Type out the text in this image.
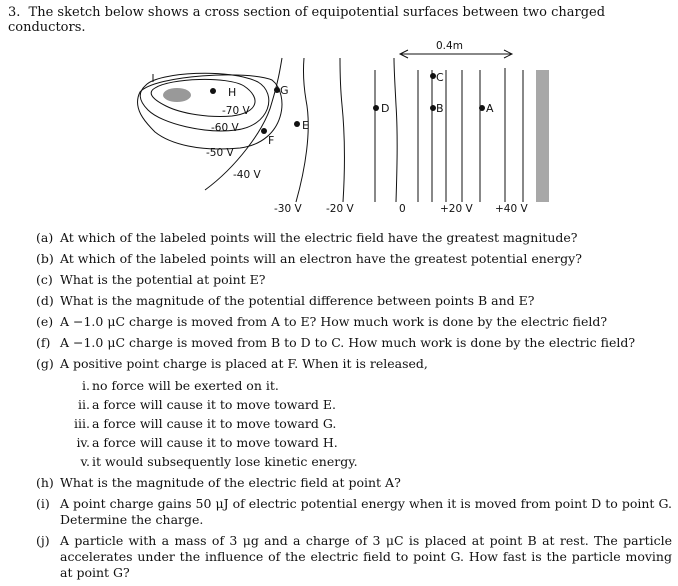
3. The sketch below shows a cross section of equipotential surfaces between two charged conductors.
0.4m
H	G
F
E
D
C
B	A
-70 V
-60 V
-50 V
-40 V
-30 V -20 V	0	+20 V +40 V
(a) At which of the labeled points will the electric field have the greatest magnitude?
(b) At which of the labeled points will an electron have the greatest potential energy?
(c) What is the potential at point E?
(d) What is the magnitude of the potential difference between points B and E?
(e) A −1.0 μC charge is moved from A to E? How much work is done by the electric field?
(f) A −1.0 μC charge is moved from B to D to C. How much work is done by the electric field?
(g) A positive point charge is placed at F. When it is released,
i. no force will be exerted on it.
ii. a force will cause it to move toward E.
iii. a force will cause it to move toward G.
iv. a force will cause it to move toward H.
v. it would subsequently lose kinetic energy.
(h) What is the magnitude of the electric field at point A?
(i) A point charge gains 50 μJ of electric potential energy when it is moved from point D to point G. Determine the charge.
(j) A particle with a mass of 3 μg and a charge of 3 μC is placed at point B at rest. The particle accelerates under the influence of the electric field to point G. How fast is the particle moving at point G?
